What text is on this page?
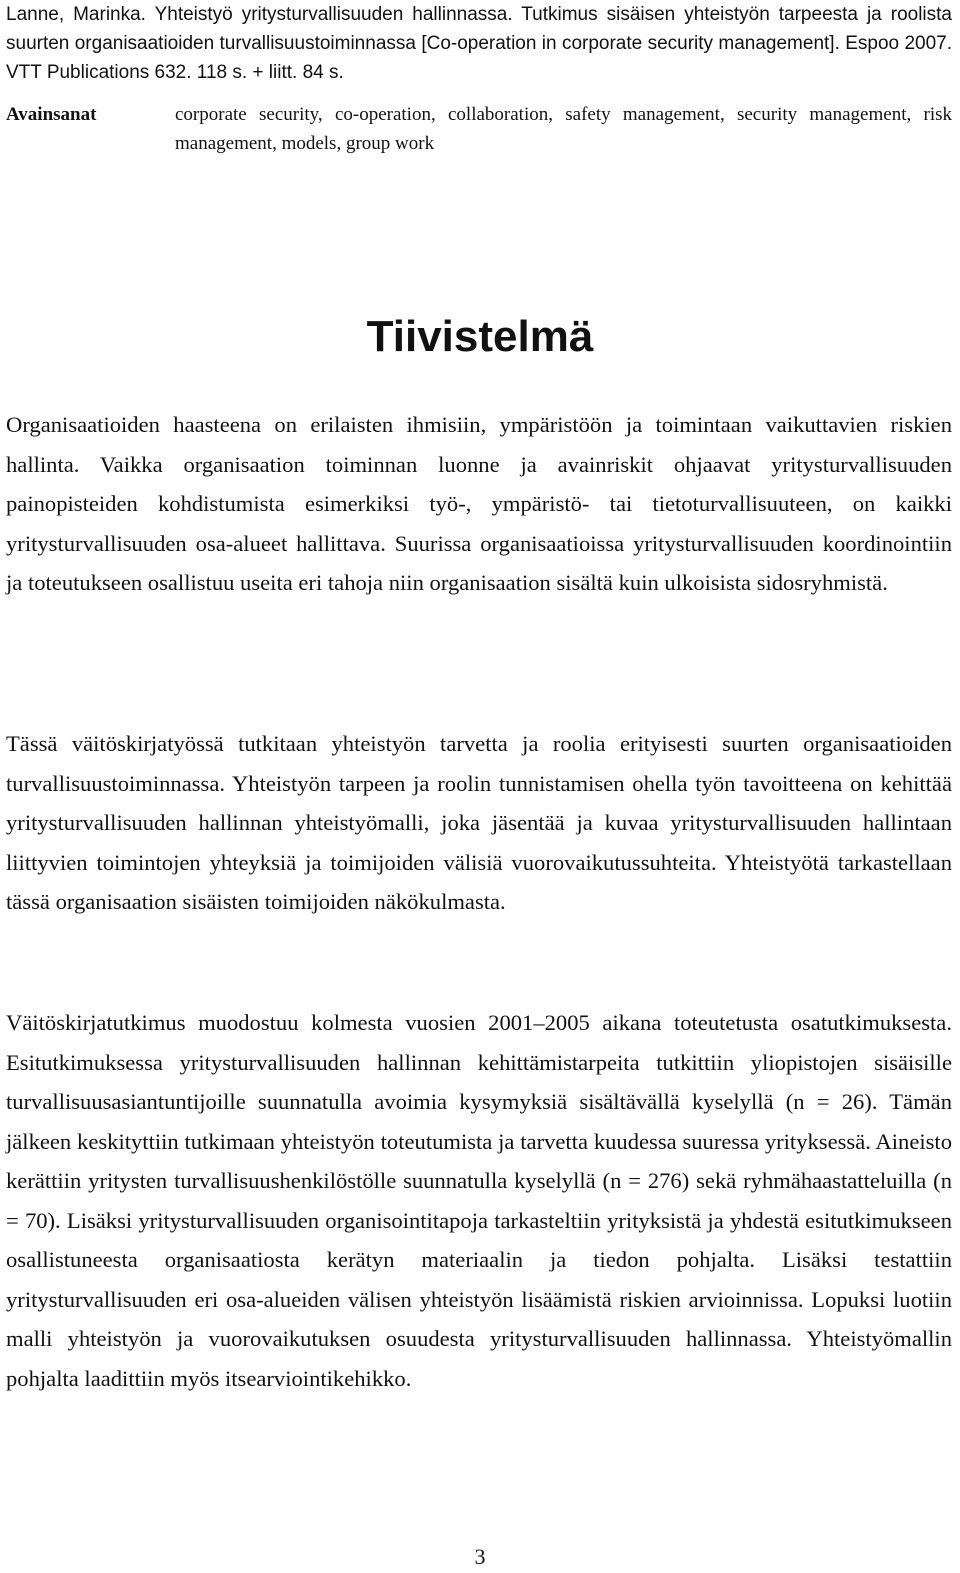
Lanne, Marinka. Yhteistyö yritysturvallisuuden hallinnassa. Tutkimus sisäisen yhteistyön tarpeesta ja roolista suurten organisaatioiden turvallisuustoiminnassa [Co-operation in corporate security management]. Espoo 2007. VTT Publications 632. 118 s. + liitt. 84 s.

Avainsanat	corporate security, co-operation, collaboration, safety management, security management, risk management, models, group work
Tiivistelmä

Organisaatioiden haasteena on erilaisten ihmisiin, ympäristöön ja toimintaan vaikuttavien riskien hallinta. Vaikka organisaation toiminnan luonne ja avainriskit ohjaavat yritysturvallisuuden painopisteiden kohdistumista esimerkiksi työ-, ympäristö- tai tietoturvallisuuteen, on kaikki yritysturvallisuuden osa-alueet hallittava. Suurissa organisaatioissa yritysturvallisuuden koordinointiin ja toteutukseen osallistuu useita eri tahoja niin organisaation sisältä kuin ulkoisista sidosryhmistä.

Tässä väitöskirjatyössä tutkitaan yhteistyön tarvetta ja roolia erityisesti suurten organisaatioiden turvallisuustoiminnassa. Yhteistyön tarpeen ja roolin tunnistamisen ohella työn tavoitteena on kehittää yritysturvallisuuden hallinnan yhteistyömalli, joka jäsentää ja kuvaa yritysturvallisuuden hallintaan liittyvien toimintojen yhteyksiä ja toimijoiden välisiä vuorovaikutussuhteita. Yhteistyötä tarkastellaan tässä organisaation sisäisten toimijoiden näkökulmasta.

Väitöskirjatutkimus muodostuu kolmesta vuosien 2001–2005 aikana toteutetusta osatutkimuksesta. Esitutkimuksessa yritysturvallisuuden hallinnan kehittämistarpeita tutkittiin yliopistojen sisäisille turvallisuusasiantuntijoille suunnatulla avoimia kysymyksiä sisältävällä kyselyllä (n = 26). Tämän jälkeen keskityttiin tutkimaan yhteistyön toteutumista ja tarvetta kuudessa suuressa yrityksessä. Aineisto kerättiin yritysten turvallisuushenkilöstölle suunnatulla kyselyllä (n = 276) sekä ryhmähaastatteluilla (n = 70). Lisäksi yritysturvallisuuden organisointitapoja tarkasteltiin yrityksistä ja yhdestä esitutkimukseen osallistuneesta organisaatiosta kerätyn materiaalin ja tiedon pohjalta. Lisäksi testattiin yritysturvallisuuden eri osa-alueiden välisen yhteistyön lisäämistä riskien arvioinnissa. Lopuksi luotiin malli yhteistyön ja vuorovaikutuksen osuudesta yritysturvallisuuden hallinnassa. Yhteistyömallin pohjalta laadittiin myös itsearviointikehikko.

3
